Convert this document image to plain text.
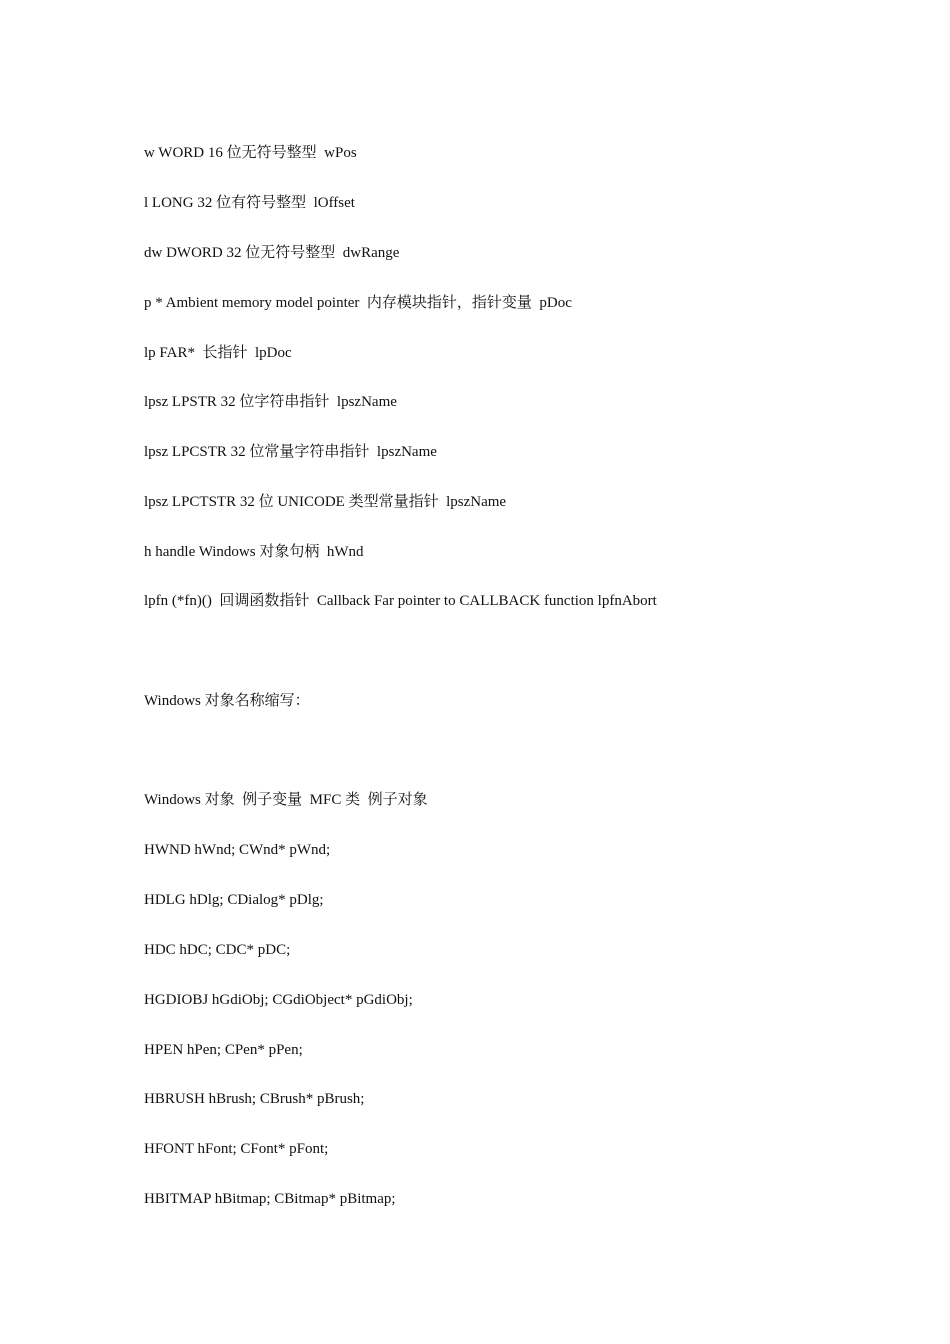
w WORD 16 位无符号整型  wPos

l LONG 32 位有符号整型  lOffset

dw DWORD 32 位无符号整型  dwRange

p * Ambient memory model pointer  内存模块指针，指针变量  pDoc

lp FAR*  长指针  lpDoc

lpsz LPSTR 32 位字符串指针  lpszName

lpsz LPCSTR 32 位常量字符串指针  lpszName

lpsz LPCTSTR 32 位 UNICODE 类型常量指针  lpszName

h handle Windows 对象句柄  hWnd

lpfn (*fn)()  回调函数指针  Callback Far pointer to CALLBACK function lpfnAbort

Windows 对象名称缩写：

Windows 对象  例子变量  MFC 类  例子对象

HWND hWnd; CWnd* pWnd;

HDLG hDlg; CDialog* pDlg;

HDC hDC; CDC* pDC;

HGDIOBJ hGdiObj; CGdiObject* pGdiObj;

HPEN hPen; CPen* pPen;

HBRUSH hBrush; CBrush* pBrush;

HFONT hFont; CFont* pFont;

HBITMAP hBitmap; CBitmap* pBitmap;
